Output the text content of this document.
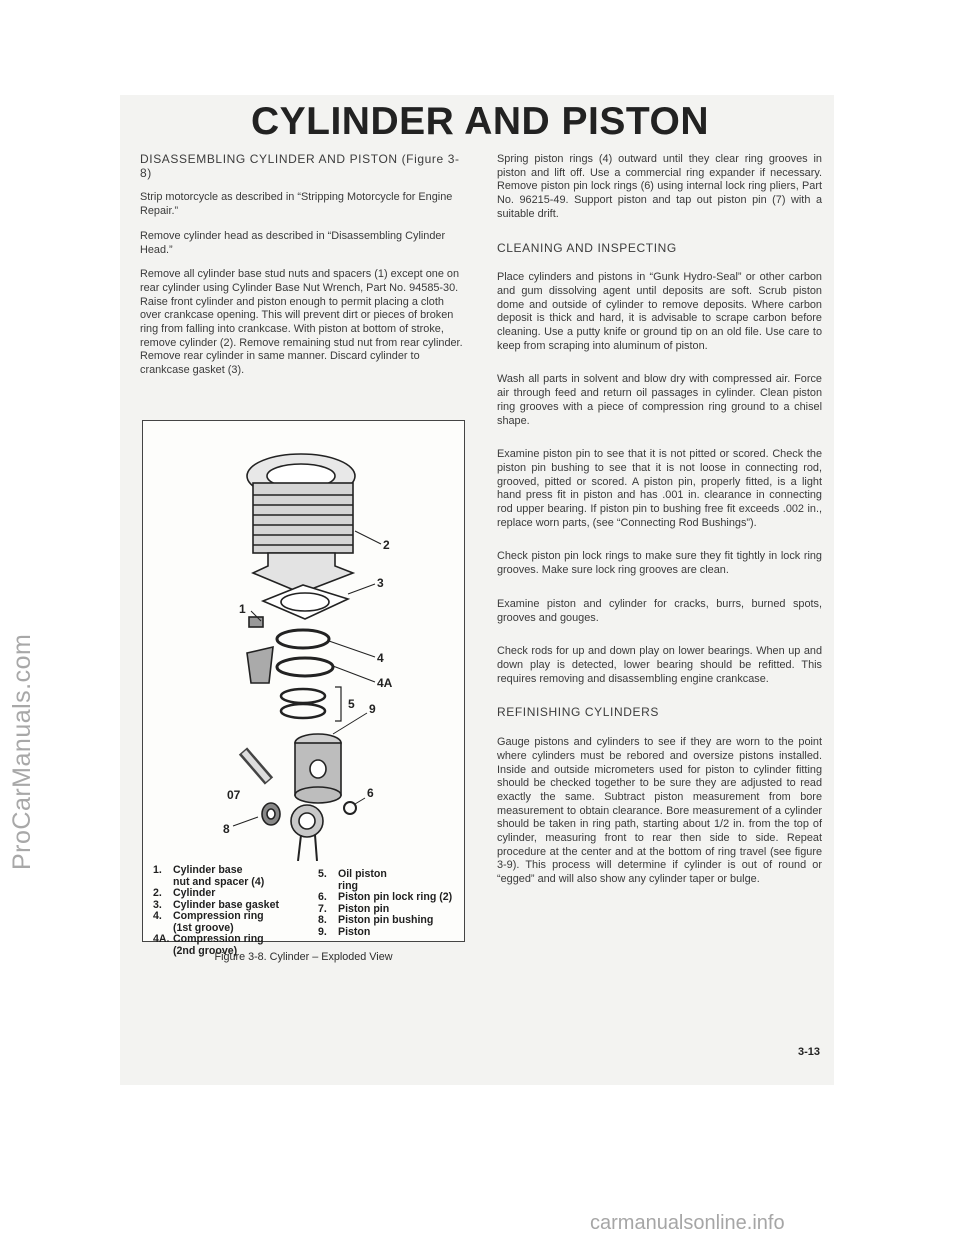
ProCarManuals.com
CYLINDER AND PISTON

DISASSEMBLING CYLINDER AND PISTON (Figure 3-8)

Strip motorcycle as described in “Stripping Motorcycle for Engine Repair.”

Remove cylinder head as described in “Disassembling Cylinder Head.”

Remove all cylinder base stud nuts and spacers (1) except one on rear cylinder using Cylinder Base Nut Wrench, Part No. 94585-30. Raise front cylinder and piston enough to permit placing a cloth over crankcase opening. This will prevent dirt or pieces of broken ring from falling into crankcase. With piston at bottom of stroke, remove cylinder (2). Remove remaining stud nut from rear cylinder. Remove rear cylinder in same manner. Discard cylinder to crankcase gasket (3).

2
3
1
4
4A
5 9
07	6
8
1. Cylinder base
nut and spacer (4)
2. Cylinder
3. Cylinder base gasket
4. Compression ring
(1st groove)
4A. Compression ring
(2nd groove)
5. Oil piston
ring
6. Piston pin lock ring (2)
7. Piston pin
8. Piston pin bushing
9. Piston
Figure 3-8. Cylinder – Exploded View

Spring piston rings (4) outward until they clear ring grooves in piston and lift off. Use a commercial ring expander if necessary. Remove piston pin lock rings (6) using internal lock ring pliers, Part No. 96215-49. Support piston and tap out piston pin (7) with a suitable drift.

CLEANING AND INSPECTING

Place cylinders and pistons in “Gunk Hydro-Seal” or other carbon and gum dissolving agent until deposits are soft. Scrub piston dome and outside of cylinder to remove deposits. Where carbon deposit is thick and hard, it is advisable to scrape carbon before cleaning. Use a putty knife or ground tip on an old file. Use care to keep from scraping into aluminum of piston.

Wash all parts in solvent and blow dry with compressed air. Force air through feed and return oil passages in cylinder. Clean piston ring grooves with a piece of compression ring ground to a chisel shape.

Examine piston pin to see that it is not pitted or scored. Check the piston pin bushing to see that it is not loose in connecting rod, grooved, pitted or scored. A piston pin, properly fitted, is a light hand press fit in piston and has .001 in. clearance in connecting rod upper bearing. If piston pin to bushing free fit exceeds .002 in., replace worn parts, (see “Connecting Rod Bushings”).

Check piston pin lock rings to make sure they fit tightly in lock ring grooves. Make sure lock ring grooves are clean.

Examine piston and cylinder for cracks, burrs, burned spots, grooves and gouges.

Check rods for up and down play on lower bearings. When up and down play is detected, lower bearing should be refitted. This requires removing and disassembling engine crankcase.

REFINISHING CYLINDERS

Gauge pistons and cylinders to see if they are worn to the point where cylinders must be rebored and oversize pistons installed. Inside and outside micrometers used for piston to cylinder fitting should be checked together to be sure they are adjusted to read exactly the same. Subtract piston measurement from bore measurement to obtain clearance. Bore measurement of a cylinder should be taken in ring path, starting about 1/2 in. from the top of cylinder, measuring front to rear then side to side. Repeat procedure at the center and at the bottom of ring travel (see figure 3-9). This process will determine if cylinder is out of round or “egged” and will also show any cylinder taper or bulge.

3-13
carmanualsonline.info
